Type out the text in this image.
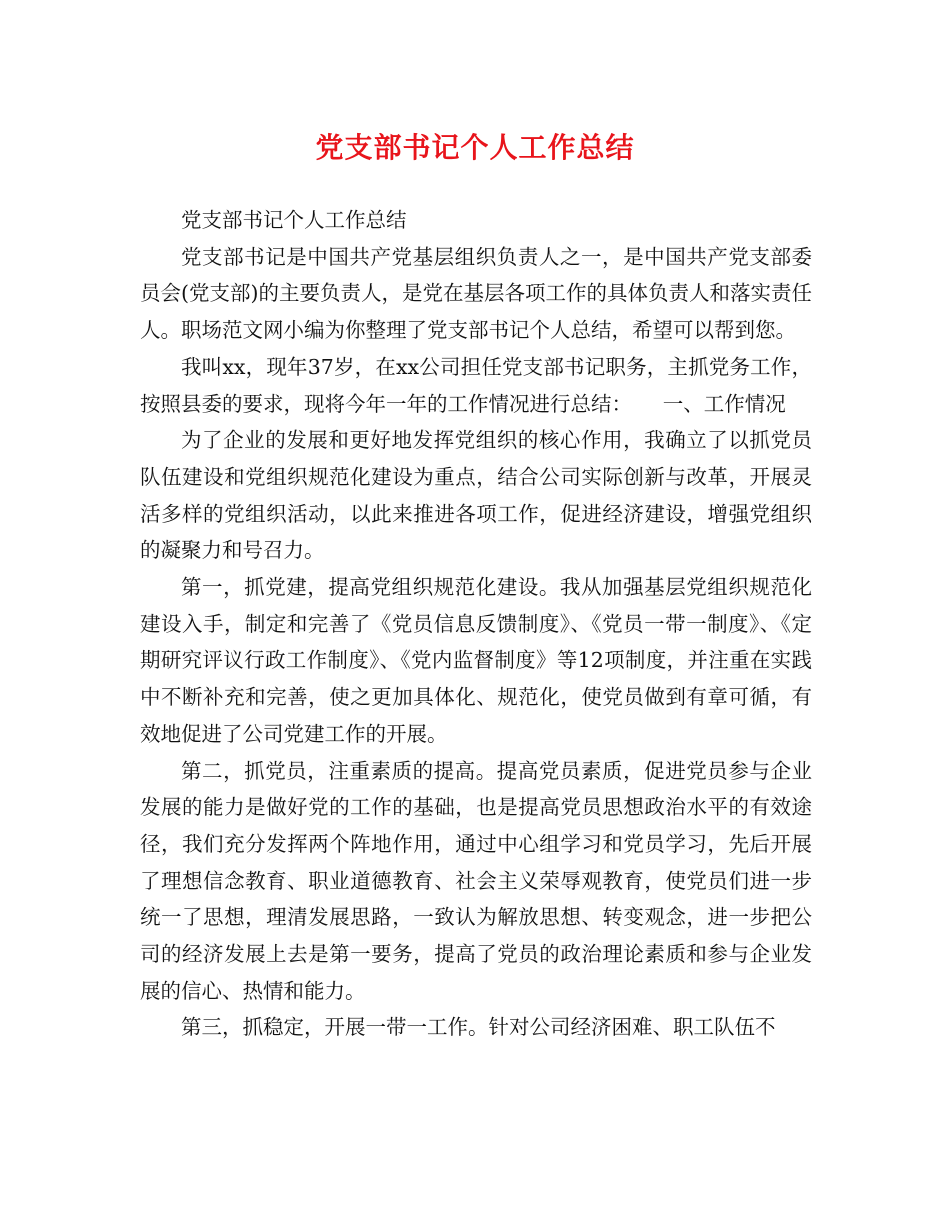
党支部书记个人工作总结

党支部书记个人工作总结

党支部书记是中国共产党基层组织负责人之一，是中国共产党支部委员会(党支部)的主要负责人，是党在基层各项工作的具体负责人和落实责任人。职场范文网小编为你整理了党支部书记个人总结，希望可以帮到您。

我叫xx，现年37岁，在xx公司担任党支部书记职务，主抓党务工作，按照县委的要求，现将今年一年的工作情况进行总结：　　一、工作情况

为了企业的发展和更好地发挥党组织的核心作用，我确立了以抓党员队伍建设和党组织规范化建设为重点，结合公司实际创新与改革，开展灵活多样的党组织活动，以此来推进各项工作，促进经济建设，增强党组织的凝聚力和号召力。

第一，抓党建，提高党组织规范化建设。我从加强基层党组织规范化建设入手，制定和完善了《党员信息反馈制度》、《党员一带一制度》、《定期研究评议行政工作制度》、《党内监督制度》等12项制度，并注重在实践中不断补充和完善，使之更加具体化、规范化，使党员做到有章可循，有效地促进了公司党建工作的开展。

第二，抓党员，注重素质的提高。提高党员素质，促进党员参与企业发展的能力是做好党的工作的基础，也是提高党员思想政治水平的有效途径，我们充分发挥两个阵地作用，通过中心组学习和党员学习，先后开展了理想信念教育、职业道德教育、社会主义荣辱观教育，使党员们进一步统一了思想，理清发展思路，一致认为解放思想、转变观念，进一步把公司的经济发展上去是第一要务，提高了党员的政治理论素质和参与企业发展的信心、热情和能力。

第三，抓稳定，开展一带一工作。针对公司经济困难、职工队伍不
